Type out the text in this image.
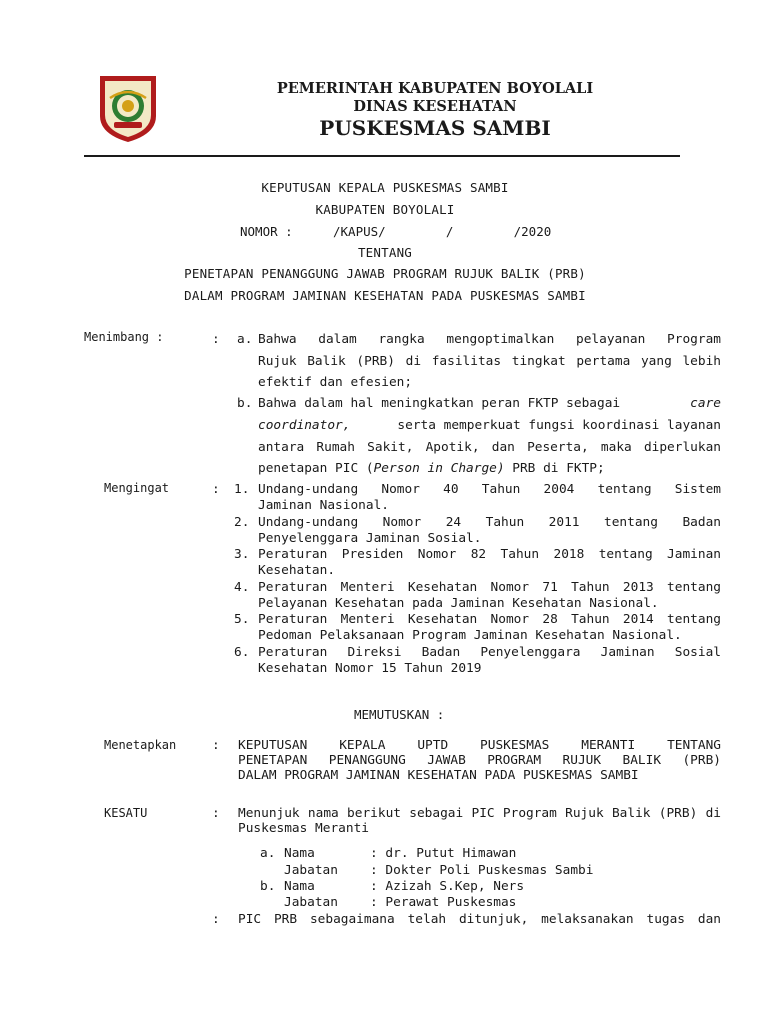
PEMERINTAH KABUPATEN BOYOLALI
DINAS KESEHATAN
PUSKESMAS SAMBI
KEPUTUSAN KEPALA PUSKESMAS SAMBI
KABUPATEN BOYOLALI
NOMOR :	/KAPUS/        /        /2020
TENTANG
PENETAPAN PENANGGUNG JAWAB PROGRAM RUJUK BALIK (PRB)
DALAM PROGRAM JAMINAN KESEHATAN PADA PUSKESMAS SAMBI
Menimbang :	: a. Bahwa dalam rangka mengoptimalkan pelayanan Program
Rujuk Balik (PRB) di fasilitas tingkat pertama yang lebih
efektif dan efesien;
b. Bahwa dalam hal meningkatkan peran FKTP sebagai	care
coordinator,	serta memperkuat fungsi koordinasi layanan
antara Rumah Sakit, Apotik, dan Peserta, maka diperlukan
penetapan PIC (Person in Charge) PRB di FKTP;
Mengingat	: 1. Undang-undang Nomor 40 Tahun 2004 tentang Sistem
Jaminan Nasional.
2. Undang-undang Nomor 24 Tahun 2011 tentang Badan
Penyelenggara Jaminan Sosial.
3. Peraturan Presiden Nomor 82 Tahun 2018 tentang Jaminan
Kesehatan.
4. Peraturan Menteri Kesehatan Nomor 71 Tahun 2013 tentang
Pelayanan Kesehatan pada Jaminan Kesehatan Nasional.
5. Peraturan Menteri Kesehatan Nomor 28 Tahun 2014 tentang
Pedoman Pelaksanaan Program Jaminan Kesehatan Nasional.
6. Peraturan Direksi Badan Penyelenggara Jaminan Sosial
Kesehatan Nomor 15 Tahun 2019
MEMUTUSKAN :
Menetapkan	: KEPUTUSAN KEPALA UPTD PUSKESMAS MERANTI TENTANG
PENETAPAN PENANGGUNG JAWAB PROGRAM RUJUK BALIK (PRB)
DALAM PROGRAM JAMINAN KESEHATAN PADA PUSKESMAS SAMBI
KESATU	: Menunjuk nama berikut sebagai PIC Program Rujuk Balik (PRB) di
Puskesmas Meranti
a. Nama	: dr. Putut Himawan
Jabatan	: Dokter Poli Puskesmas Sambi
b. Nama	: Azizah S.Kep, Ners
Jabatan	: Perawat Puskesmas
: PIC PRB sebagaimana telah ditunjuk, melaksanakan tugas dan
